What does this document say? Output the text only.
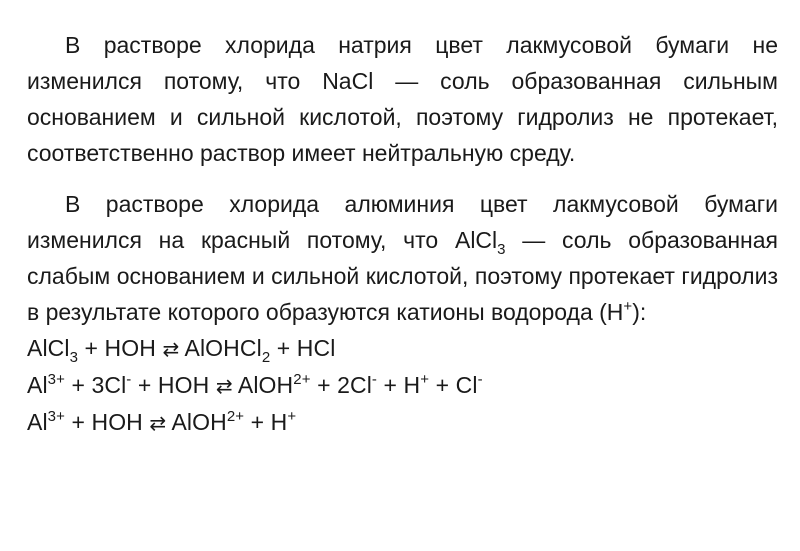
В растворе хлорида натрия цвет лакмусовой бумаги не изменился потому, что NaCl — соль образованная сильным основанием и сильной кислотой, поэтому гидролиз не протекает, соответственно раствор имеет нейтральную среду.

В растворе хлорида алюминия цвет лакмусовой бумаги изменился на красный потому, что AlCl$_3$ — соль образованная слабым основанием и сильной кислотой, поэтому протекает гидролиз в результате которого образуются катионы водорода (H+):

AlCl$_3$ + HOH ⇄ AlOHCl$_2$ + HCl

$Al^{3+} + 3Cl^-$ + HOH ⇄ AlOH$^{2+}$ + 2Cl- + H+ + Cl-

$Al^{3+}$ + HOH ⇄ AlOH$^{2+}$ + H+
